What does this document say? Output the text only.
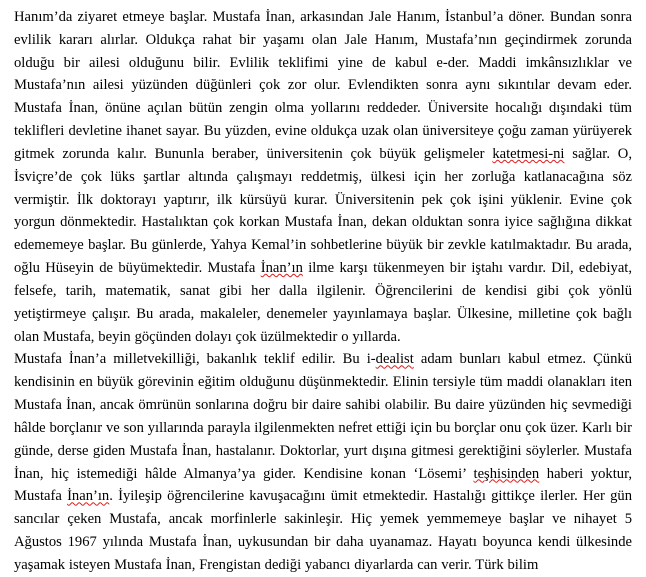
Hanım’da ziyaret etmeye başlar. Mustafa İnan, arkasından Jale Hanım, İstanbul’a döner. Bundan sonra evlilik kararı alırlar. Oldukça rahat bir yaşamı olan Jale Hanım, Mustafa’nın geçindirmek zorunda olduğu bir ailesi olduğunu bilir. Evlilik teklifimi yine de kabul e-der. Maddi imkânsızlıklar ve Mustafa’nın ailesi yüzünden düğünleri çok zor olur. Evlendikten sonra aynı sıkıntılar devam eder. Mustafa İnan, önüne açılan bütün zengin olma yollarını reddeder. Üniversite hocalığı dışındaki tüm teklifleri devletine ihanet sayar. Bu yüzden, evine oldukça uzak olan üniversiteye çoğu zaman yürüyerek gitmek zorunda kalır. Bununla beraber, üniversitenin çok büyük gelişmeler katetmesi-ni sağlar. O, İsviçre’de çok lüks şartlar altında çalışmayı reddetmiş, ülkesi için her zorluğa katlanacağına söz vermiştir. İlk doktorayı yaptırır, ilk kürsüyü kurar. Üniversitenin pek çok işini yüklenir. Evine çok yorgun dönmektedir. Hastalıktan çok korkan Mustafa İnan, dekan olduktan sonra iyice sağlığına dikkat edememeye başlar. Bu günlerde, Yahya Kemal’in sohbetlerine büyük bir zevkle katılmaktadır. Bu arada, oğlu Hüseyin de büyümektedir. Mustafa İnan’ın ilme karşı tükenmeyen bir iştahı vardır. Dil, edebiyat, felsefe, tarih, matematik, sanat gibi her dalla ilgilenir. Öğrencilerini de kendisi gibi çok yönlü yetiştirmeye çalışır. Bu arada, makaleler, denemeler yayınlamaya başlar. Ülkesine, milletine çok bağlı olan Mustafa, beyin göçünden dolayı çok üzülmektedir o yıllarda.

Mustafa İnan’a milletvekilliği, bakanlık teklif edilir. Bu i-dealist adam bunları kabul etmez. Çünkü kendisinin en büyük görevinin eğitim olduğunu düşünmektedir. Elinin tersiyle tüm maddi olanakları iten Mustafa İnan, ancak ömrünün sonlarına doğru bir daire sahibi olabilir. Bu daire yüzünden hiç sevmediği hâlde borçlanır ve son yıllarında parayla ilgilenmekten nefret ettiği için bu borçlar onu çok üzer. Karlı bir günde, derse giden Mustafa İnan, hastalanır. Doktorlar, yurt dışına gitmesi gerektiğini söylerler. Mustafa İnan, hiç istemediği hâlde Almanya’ya gider. Kendisine konan ‘Lösemi’ teşhisinden haberi yoktur, Mustafa İnan’ın. İyileşip öğrencilerine kavuşacağını ümit etmektedir. Hastalığı gittikçe ilerler. Her gün sancılar çeken Mustafa, ancak morfinlerle sakinleşir. Hiç yemek yemmemeye başlar ve nihayet 5 Ağustos 1967 yılında Mustafa İnan, uykusundan bir daha uyanamaz. Hayatı boyunca kendi ülkesinde yaşamak isteyen Mustafa İnan, Frengistan dediği yabancı diyarlarda can verir. Türk bilim
